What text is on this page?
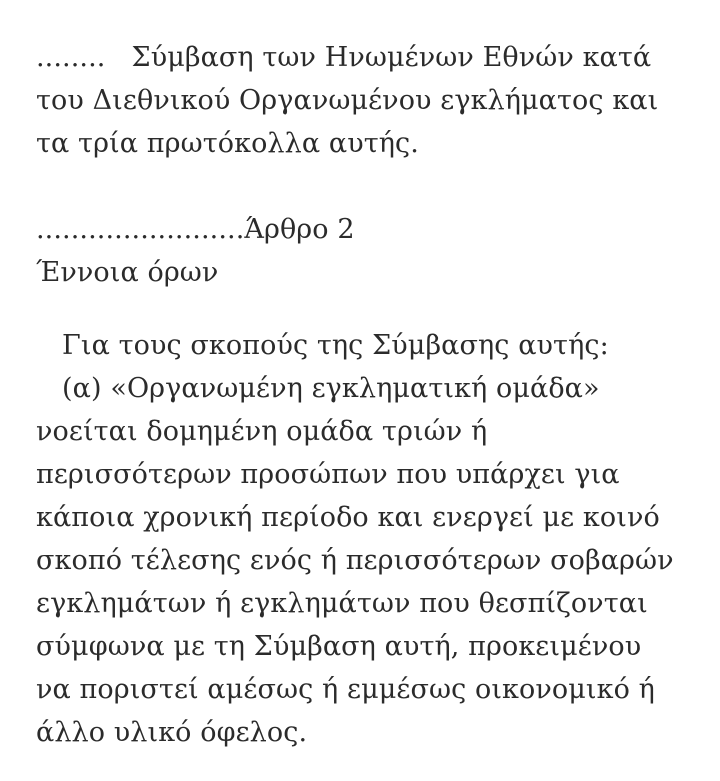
........   Σύμβαση των Ηνωμένων Εθνών κατά
του Διεθνικού Οργανωμένου εγκλήματος και
τα τρία πρωτόκολλα αυτής.
........................Άρθρο 2
Έννοια όρων
Για τους σκοπούς της Σύμβασης αυτής:
(α) «Οργανωμένη εγκληματική ομάδα»
νοείται δομημένη ομάδα τριών ή
περισσότερων προσώπων που υπάρχει για
κάποια χρονική περίοδο και ενεργεί με κοινό
σκοπό τέλεσης ενός ή περισσότερων σοβαρών
εγκλημάτων ή εγκλημάτων που θεσπίζονται
σύμφωνα με τη Σύμβαση αυτή, προκειμένου
να πoριστεί αμέσως ή εμμέσως οικονομικό ή
άλλο υλικό όφελος.
